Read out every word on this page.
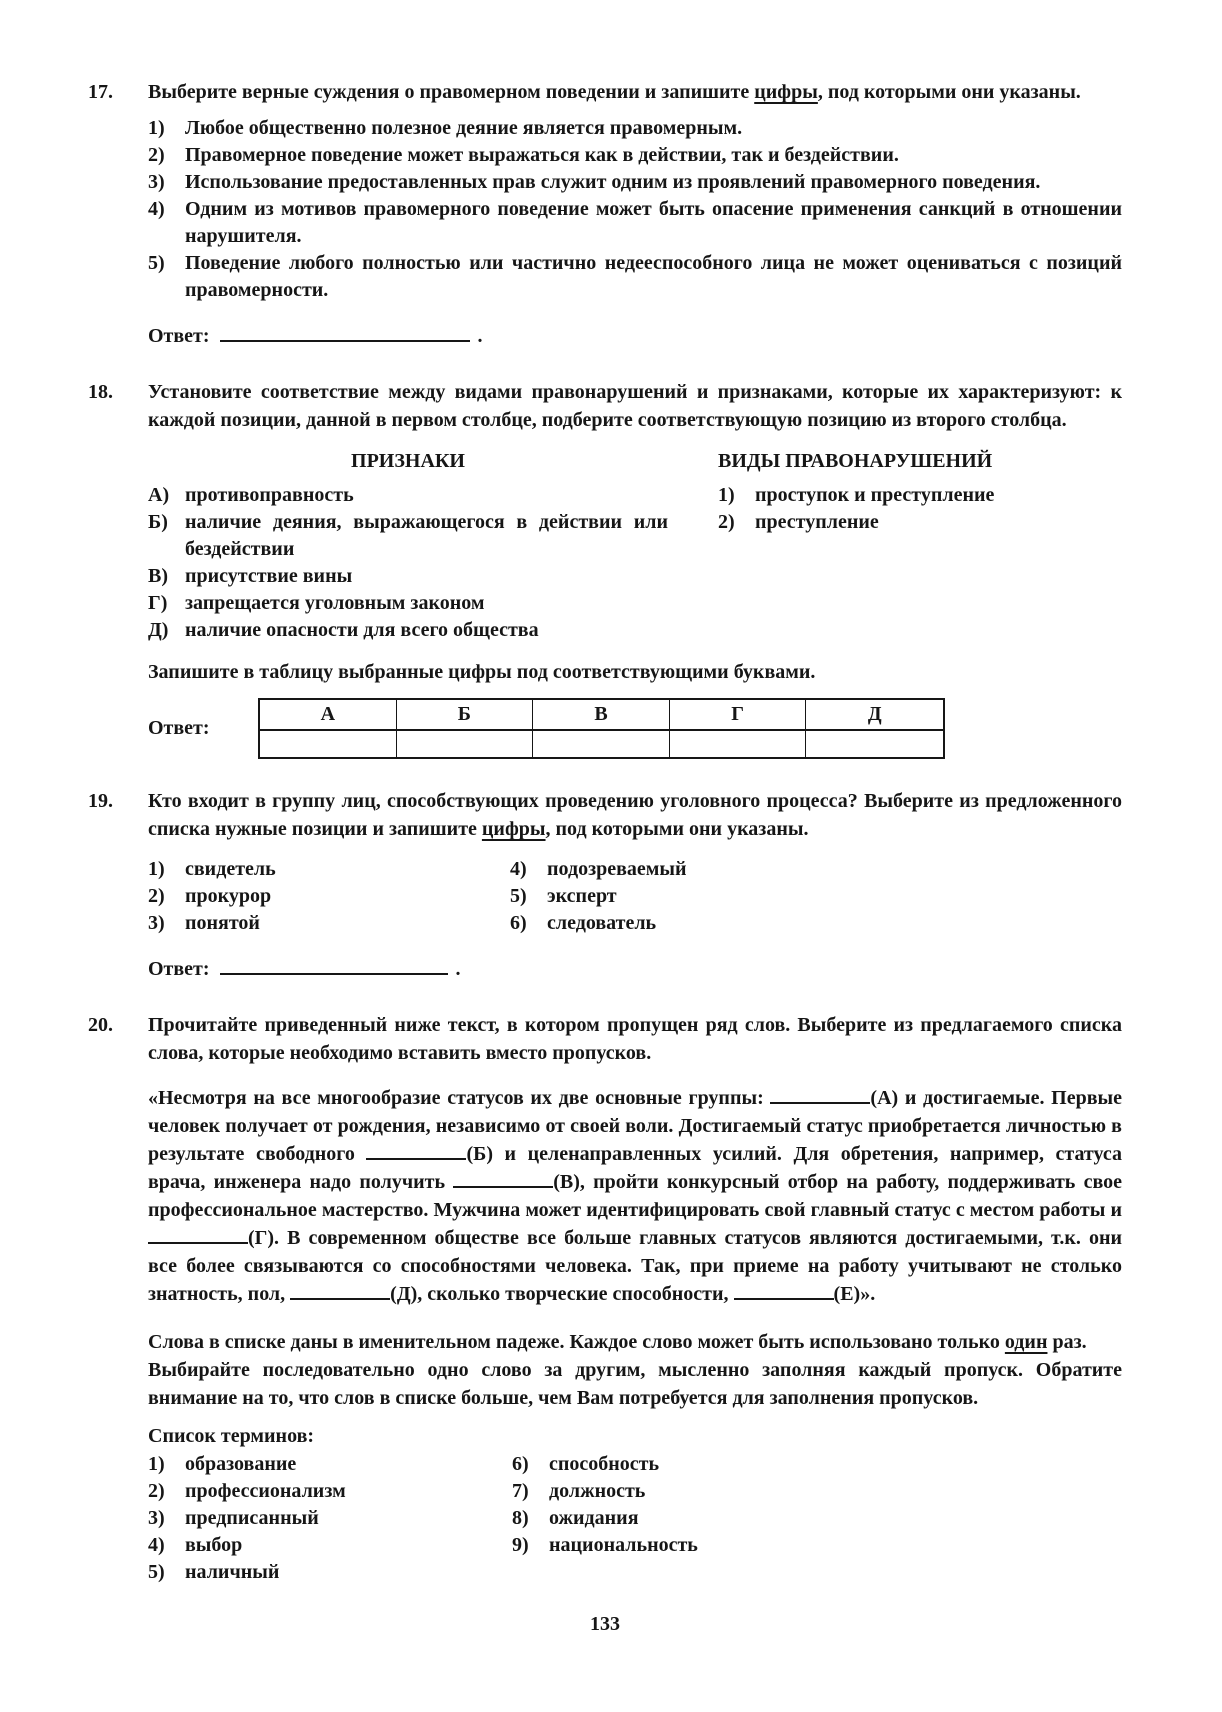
17.	Выберите верные суждения о правомерном поведении и запишите цифры, под которыми они указаны.

1)	Любое общественно полезное деяние является правомерным.
2)	Правомерное поведение может выражаться как в действии, так и бездействии.
3)	Использование предоставленных прав служит одним из проявлений правомерного поведения.
4)	Одним из мотивов правомерного поведение может быть опасение применения санкций в отношении нарушителя.
5)	Поведение любого полностью или частично недееспособного лица не может оцениваться с позиций правомерности.

Ответ:	.

18.	Установите соответствие между видами правонарушений и признаками, которые их характеризуют: к каждой позиции, данной в первом столбце, подберите соответствующую позицию из второго столбца.

ПРИЗНАКИ
А) противоправность
Б) наличие деяния, выражающегося в действии или бездействии
В) присутствие вины
Г) запрещается уголовным законом
Д) наличие опасности для всего общества
ВИДЫ ПРАВОНАРУШЕНИЙ
1)	проступок и преступление
2)	преступление

Запишите в таблицу выбранные цифры под соответствующими буквами.

Ответ:
А	Б	В	Г	Д
19.	Кто входит в группу лиц, способствующих проведению уголовного процесса? Выберите из предложенного списка нужные позиции и запишите цифры, под которыми они указаны.

1)	свидетель
2)	прокурор
3)	понятой
4)	подозреваемый
5)	эксперт
6)	следователь

Ответ:	.

20.	Прочитайте приведенный ниже текст, в котором пропущен ряд слов. Выберите из предлагаемого списка слова, которые необходимо вставить вместо пропусков.

«Несмотря на все многообразие статусов их две основные группы:	(А) и достигаемые. Первые человек получает от рождения, независимо от своей воли. Достигаемый статус приобретается личностью в результате свободного	(Б) и целенаправленных усилий. Для обретения, например, статуса врача, инженера надо получить	(В), пройти конкурсный отбор на работу, поддерживать свое профессиональное мастерство. Мужчина может идентифицировать свой главный статус с местом работы и (Г). В современном обществе все больше главных статусов являются достигаемыми, т.к. они все более связываются со способностями человека. Так, при приеме на работу учитывают не столько знатность, пол,	(Д), сколько творческие способности,	(Е)».

Слова в списке даны в именительном падеже. Каждое слово может быть использовано только один раз.

Выбирайте последовательно одно слово за другим, мысленно заполняя каждый пропуск. Обратите внимание на то, что слов в списке больше, чем Вам потребуется для заполнения пропусков.

Список терминов:

1)	образование
2)	профессионализм
3)	предписанный
4)	выбор
5)	наличный
6)	способность
7)	должность
8)	ожидания
9)	национальность
133
